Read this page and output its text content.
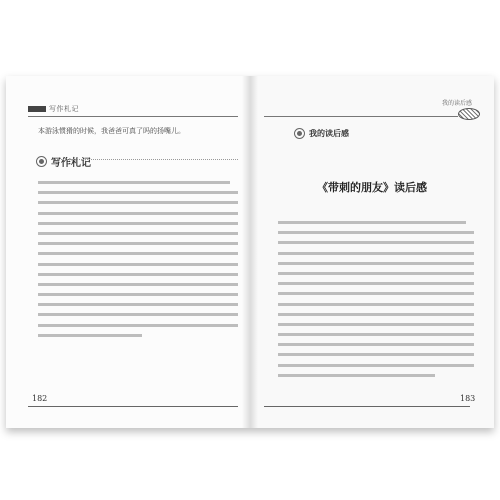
写作札记
本游泳惯猾的时候，我爸爸可真了吗的扬嘴儿。
写作札记
182
我的读后感
我的读后感
《带刺的朋友》读后感
183
